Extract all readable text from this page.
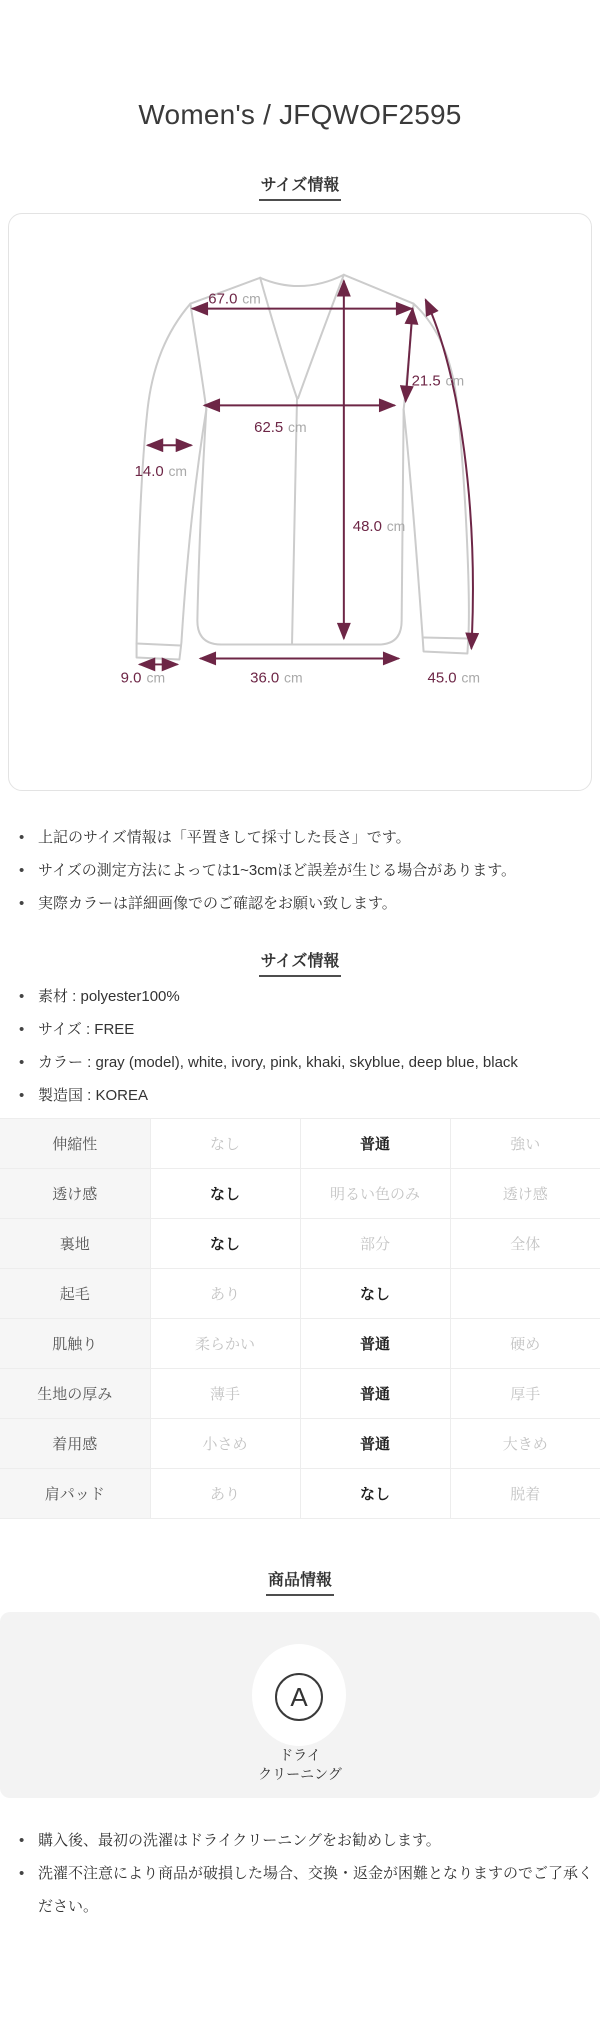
Women's / JFQWOF2595
サイズ情報
67.0 cm
62.5 cm
21.5 cm
48.0 cm
14.0 cm
9.0 cm	36.0 cm	45.0 cm
• 上記のサイズ情報は「平置きして採寸した長さ」です。
• サイズの測定方法によっては1~3cmほど誤差が生じる場合があります。
• 実際カラーは詳細画像でのご確認をお願い致します。
サイズ情報
• 素材 : polyester100%
• サイズ : FREE
• カラー : gray (model), white, ivory, pink, khaki, skyblue, deep blue, black
• 製造国 : KOREA
伸縮性	なし	普通	強い
透け感	なし	明るい色のみ	透け感
裏地	なし	部分	全体
起毛	あり	なし	
肌触り	柔らかい	普通	硬め
生地の厚み	薄手	普通	厚手
着用感	小さめ	普通	大きめ
肩パッド	あり	なし	脱着
商品情報
A
ドライ
クリーニング
• 購入後、最初の洗濯はドライクリーニングをお勧めします。
• 洗濯不注意により商品が破損した場合、交換・返金が困難となりますのでご了承ください。
